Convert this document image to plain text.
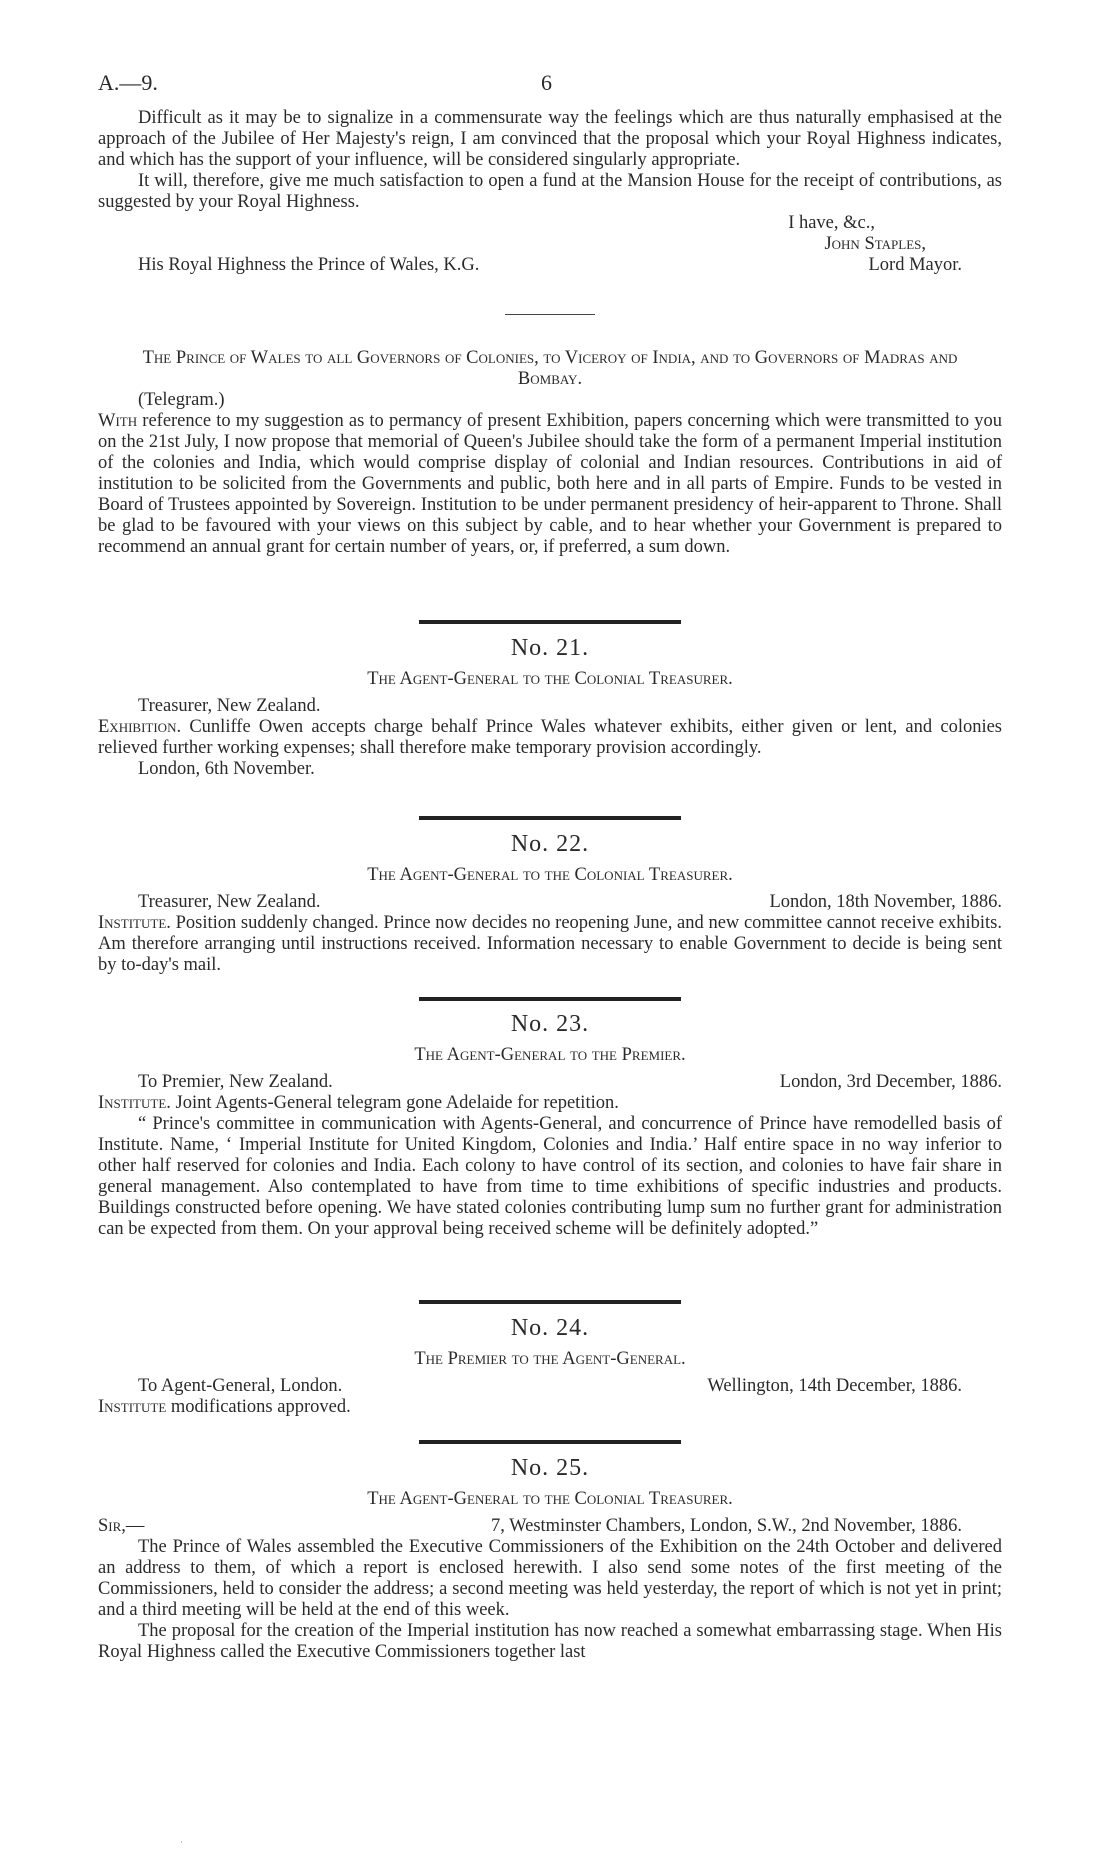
A.—9.	6

Difficult as it may be to signalize in a commensurate way the feelings which are thus naturally emphasised at the approach of the Jubilee of Her Majesty's reign, I am convinced that the proposal which your Royal Highness indicates, and which has the support of your influence, will be considered singularly appropriate.

It will, therefore, give me much satisfaction to open a fund at the Mansion House for the receipt of contributions, as suggested by your Royal Highness.

I have, &c.,
John Staples,
Lord Mayor.
His Royal Highness the Prince of Wales, K.G.
The Prince of Wales to all Governors of Colonies, to Viceroy of India, and to Governors of Madras and Bombay.
(Telegram.)

With reference to my suggestion as to permancy of present Exhibition, papers concerning which were transmitted to you on the 21st July, I now propose that memorial of Queen's Jubilee should take the form of a permanent Imperial institution of the colonies and India, which would comprise display of colonial and Indian resources. Contributions in aid of institution to be solicited from the Governments and public, both here and in all parts of Empire. Funds to be vested in Board of Trustees appointed by Sovereign. Institution to be under permanent presidency of heir-apparent to Throne. Shall be glad to be favoured with your views on this subject by cable, and to hear whether your Government is prepared to recommend an annual grant for certain number of years, or, if preferred, a sum down.

No. 21.
The Agent-General to the Colonial Treasurer.
Treasurer, New Zealand.

Exhibition. Cunliffe Owen accepts charge behalf Prince Wales whatever exhibits, either given or lent, and colonies relieved further working expenses; shall therefore make temporary provision accordingly.

London, 6th November.
No. 22.
The Agent-General to the Colonial Treasurer.
Treasurer, New Zealand.	London, 18th November, 1886.

Institute. Position suddenly changed. Prince now decides no reopening June, and new committee cannot receive exhibits. Am therefore arranging until instructions received. Information necessary to enable Government to decide is being sent by to-day's mail.

No. 23.
The Agent-General to the Premier.
To Premier, New Zealand.	London, 3rd December, 1886.

Institute. Joint Agents-General telegram gone Adelaide for repetition.

“ Prince's committee in communication with Agents-General, and concurrence of Prince have remodelled basis of Institute. Name, ‘ Imperial Institute for United Kingdom, Colonies and India.’ Half entire space in no way inferior to other half reserved for colonies and India. Each colony to have control of its section, and colonies to have fair share in general management. Also contemplated to have from time to time exhibitions of specific industries and products. Buildings constructed before opening. We have stated colonies contributing lump sum no further grant for administration can be expected from them. On your approval being received scheme will be definitely adopted.”

No. 24.
The Premier to the Agent-General.
To Agent-General, London.	Wellington, 14th December, 1886.

Institute modifications approved.

No. 25.
The Agent-General to the Colonial Treasurer.
Sir,—	7, Westminster Chambers, London, S.W., 2nd November, 1886.

The Prince of Wales assembled the Executive Commissioners of the Exhibition on the 24th October and delivered an address to them, of which a report is enclosed herewith. I also send some notes of the first meeting of the Commissioners, held to consider the address; a second meeting was held yesterday, the report of which is not yet in print; and a third meeting will be held at the end of this week.

The proposal for the creation of the Imperial institution has now reached a somewhat embarrassing stage. When His Royal Highness called the Executive Commissioners together last

·
